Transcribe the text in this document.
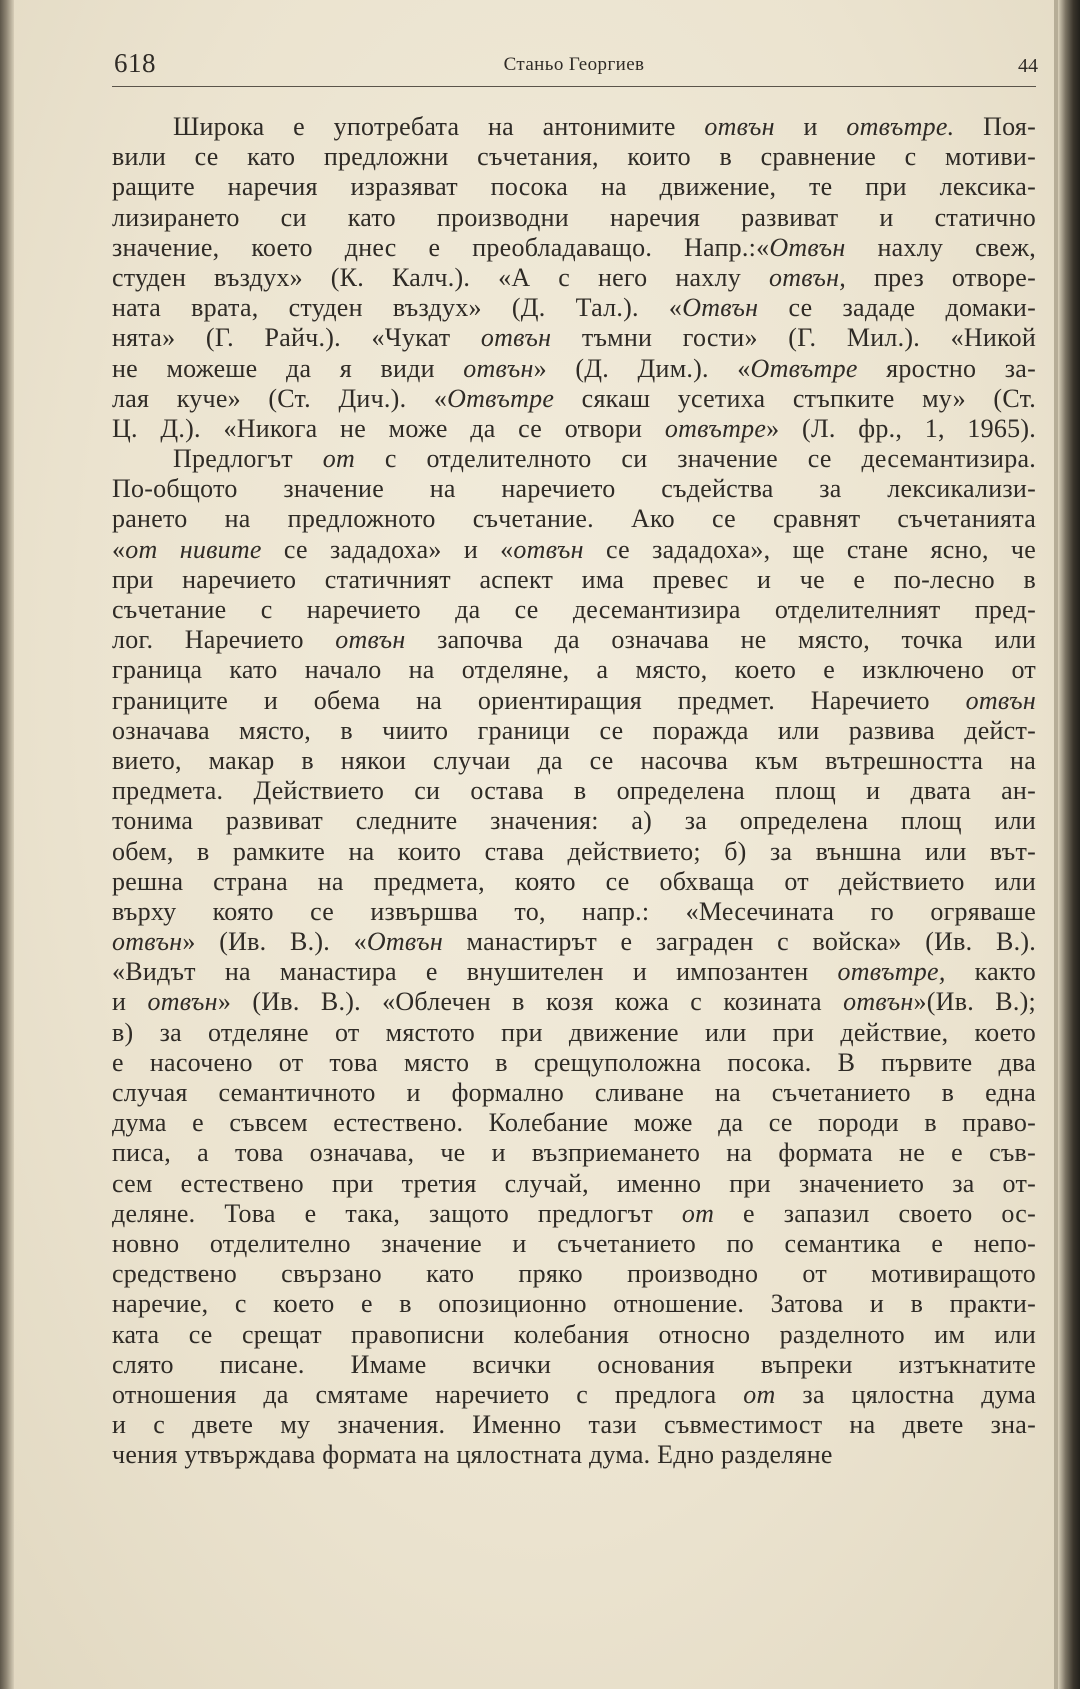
618	Станьо Георгиев	44
Широка е употребата на антонимите отвън и отвътре. Поя-
вили се като предложни съчетания, които в сравнение с мотиви-
ращите наречия изразяват посока на движение, те при лексика-
лизирането си като производни наречия развиват и статично
значение, което днес е преобладаващо. Напр.:«Отвън нахлу свеж,
студен въздух» (К. Калч.). «А с него нахлу отвън, през отворе-
ната врата, студен въздух» (Д. Тал.). «Отвън се зададе домаки-
нята» (Г. Райч.). «Чукат отвън тъмни гости» (Г. Мил.). «Никой
не можеше да я види отвън» (Д. Дим.). «Отвътре яростно за-
лая куче» (Ст. Дич.). «Отвътре сякаш усетиха стъпките му» (Ст.
Ц. Д.). «Никога не може да се отвори отвътре» (Л. фр., 1, 1965).
Предлогът от с отделителното си значение се десемантизира.
По-общото значение на наречието съдейства за лексикализи-
рането на предложното съчетание. Ако се сравнят съчетанията
«от нивите се зададоха» и «отвън се зададоха», ще стане ясно, че
при наречието статичният аспект има превес и че е по-лесно в
съчетание с наречието да се десемантизира отделителният пред-
лог. Наречието отвън започва да означава не място, точка или
граница като начало на отделяне, а място, което е изключено от
границите и обема на ориентиращия предмет. Наречието отвън
означава място, в чиито граници се поражда или развива дейст-
вието, макар в някои случаи да се насочва към вътрешността на
предмета. Действието си остава в определена площ и двата ан-
тонима развиват следните значения: а) за определена площ или
обем, в рамките на които става действието; б) за външна или вът-
решна страна на предмета, която се обхваща от действието или
върху която се извършва то, напр.: «Месечината го огряваше
отвън» (Ив. В.). «Отвън манастирът е заграден с войска» (Ив. В.).
«Видът на манастира е внушителен и импозантен отвътре, както
и отвън» (Ив. В.). «Облечен в козя кожа с козината отвън»(Ив. В.);
в) за отделяне от мястото при движение или при действие, което
е насочено от това място в срещуположна посока. В първите два
случая семантичното и формално сливане на съчетанието в една
дума е съвсем естествено. Колебание може да се породи в право-
писа, а това означава, че и възприемането на формата не е съв-
сем естествено при третия случай, именно при значението за от-
деляне. Това е така, защото предлогът от е запазил своето ос-
новно отделително значение и съчетанието по семантика е непо-
средствено свързано като пряко производно от мотивиращото
наречие, с което е в опозиционно отношение. Затова и в практи-
ката се срещат правописни колебания относно разделното им или
слято писане. Имаме всички основания въпреки изтъкнатите
отношения да смятаме наречието с предлога от за цялостна дума
и с двете му значения. Именно тази съвместимост на двете зна-
чения утвърждава формата на цялостната дума. Едно разделяне
